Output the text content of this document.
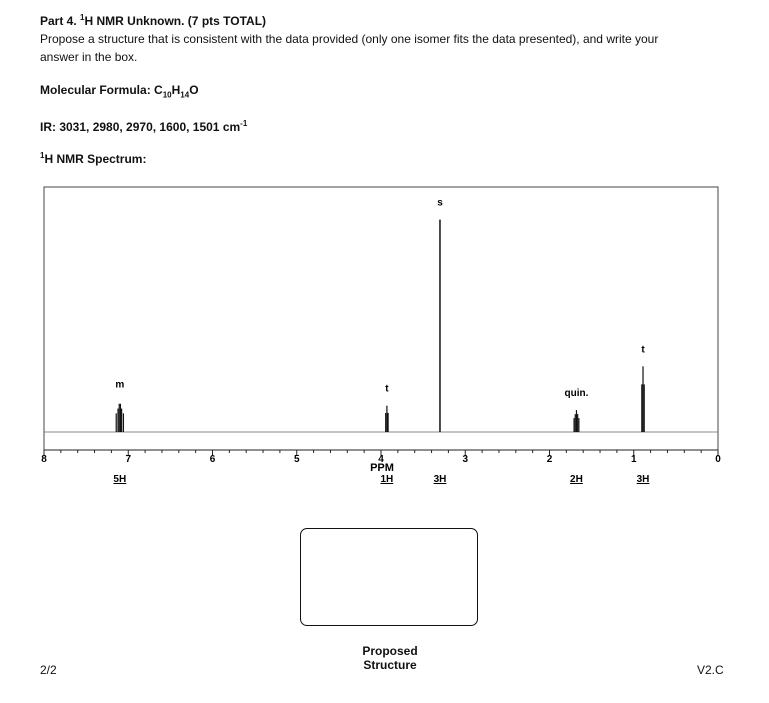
Part 4. $^1$H NMR Unknown. (7 pts TOTAL)
Propose a structure that is consistent with the data provided (only one isomer fits the data presented), and write your
answer in the box.
Molecular Formula: $C_{10}H_{14}O$
IR: 3031, 2980, 2970, 1600, 1501 $cm^{-1}$
$^1$H NMR Spectrum:
8	7	6	5	4	3	2	1	0
m
5H
t
1H
s
3H
quin.
2H
t
3H
PPM
Proposed
Structure
2/2	V2.C
